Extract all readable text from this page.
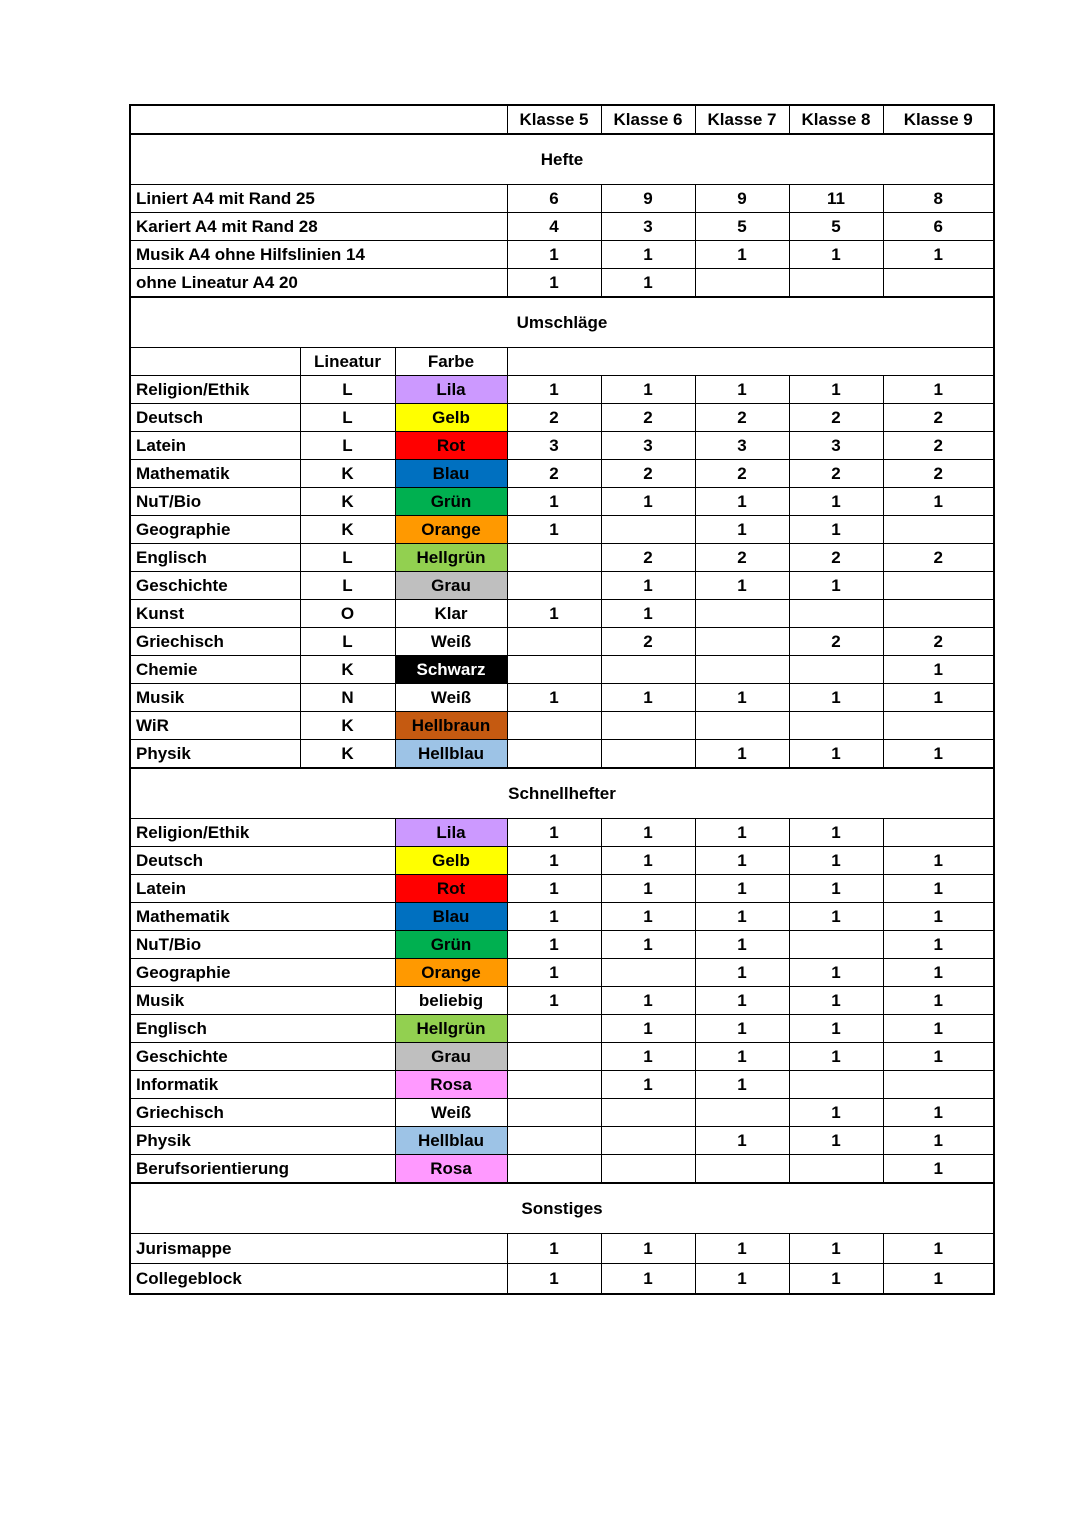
			Klasse 5	Klasse 6	Klasse 7	Klasse 8	Klasse 9
Hefte							
Liniert A4 mit Rand 25			6	9	9	11	8
Kariert A4 mit Rand 28			4	3	5	5	6
Musik A4 ohne Hilfslinien 14			1	1	1	1	1
ohne Lineatur A4 20			1	1			
Umschläge							
	Lineatur	Farbe					
Religion/Ethik	L	Lila	1	1	1	1	1
Deutsch	L	Gelb	2	2	2	2	2
Latein	L	Rot	3	3	3	3	2
Mathematik	K	Blau	2	2	2	2	2
NuT/Bio	K	Grün	1	1	1	1	1
Geographie	K	Orange	1		1	1	
Englisch	L	Hellgrün		2	2	2	2
Geschichte	L	Grau		1	1	1	
Kunst	O	Klar	1	1			
Griechisch	L	Weiß		2		2	2
Chemie	K	Schwarz					1
Musik	N	Weiß	1	1	1	1	1
WiR	K	Hellbraun					
Physik	K	Hellblau			1	1	1
Schnellhefter							
Religion/Ethik		Lila	1	1	1	1	
Deutsch		Gelb	1	1	1	1	1
Latein		Rot	1	1	1	1	1
Mathematik		Blau	1	1	1	1	1
NuT/Bio		Grün	1	1	1		1
Geographie		Orange	1		1	1	1
Musik		beliebig	1	1	1	1	1
Englisch		Hellgrün		1	1	1	1
Geschichte		Grau		1	1	1	1
Informatik		Rosa		1	1		
Griechisch		Weiß				1	1
Physik		Hellblau			1	1	1
Berufsorientierung		Rosa					1
Sonstiges							
Jurismappe			1	1	1	1	1
Collegeblock			1	1	1	1	1
